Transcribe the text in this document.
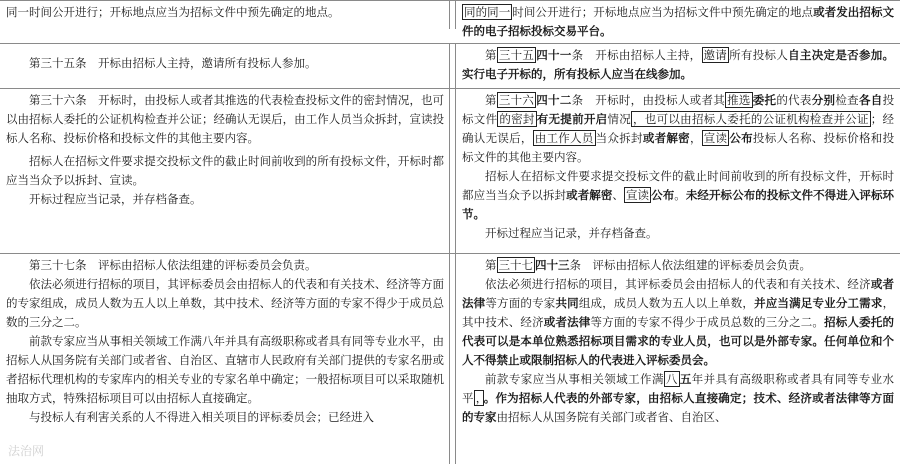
同一时间公开进行；开标地点应当为招标文件中预先确定的地点。	同的同一 时间公开进行；开标地点应当为招标文件中预先确定的地点或者发出招标文件的电子招标投标交易平台。

第三十五条　开标由招标人主持，邀请所有投标人参加。

第 三十五 四十一条　开标由招标人主持， 邀请 所有投标人自主决定是否参加。实行电子开标的，所有投标人应当在线参加。

第三十六条　开标时，由投标人或者其推选的代表检查投标文件的密封情况，也可以由招标人委托的公证机构检查并公证；经确认无误后，由工作人员当众拆封，宣读投标人名称、投标价格和投标文件的其他主要内容。

招标人在招标文件要求提交投标文件的截止时间前收到的所有投标文件，开标时都应当当众予以拆封、宣读。

开标过程应当记录，并存档备查。

第 三十六 四十二条　开标时，由投标人或者其 推选 委托的代表分别检查各自投标文件 的密封 有无提前开启情况 ，也可以由招标人委托的公证机构检查并公证 ；经确认无误后， 由工作人员 当众拆封或者解密， 宣读 公布投标人名称、投标价格和投标文件的其他主要内容。

招标人在招标文件要求提交投标文件的截止时间前收到的所有投标文件，开标时都应当当众予以拆封或者解密、 宣读 公布。未经开标公布的投标文件不得进入评标环节。

开标过程应当记录，并存档备查。

第三十七条　评标由招标人依法组建的评标委员会负责。

依法必须进行招标的项目，其评标委员会由招标人的代表和有关技术、经济等方面的专家组成，成员人数为五人以上单数，其中技术、经济等方面的专家不得少于成员总数的三分之二。

前款专家应当从事相关领域工作满八年并具有高级职称或者具有同等专业水平，由招标人从国务院有关部门或者省、自治区、直辖市人民政府有关部门提供的专家名册或者招标代理机构的专家库内的相关专业的专家名单中确定；一般招标项目可以采取随机抽取方式，特殊招标项目可以由招标人直接确定。

与投标人有利害关系的人不得进入相关项目的评标委员会；已经进入

第 三十七 四十三条　评标由招标人依法组建的评标委员会负责。

依法必须进行招标的项目，其评标委员会由招标人的代表和有关技术、经济或者法律等方面的专家共同组成，成员人数为五人以上单数，并应当满足专业分工需求，其中技术、经济或者法律等方面的专家不得少于成员总数的三分之二。招标人委托的代表可以是本单位熟悉招标项目需求的专业人员，也可以是外部专家。任何单位和个人不得禁止或限制招标人的代表进入评标委员会。

前款专家应当从事相关领域工作满 八 五年并具有高级职称或者具有同等专业水平 ， 。作为招标人代表的外部专家，由招标人直接确定；技术、经济或者法律等方面的专家由招标人从国务院有关部门或者省、自治区、

法治网
